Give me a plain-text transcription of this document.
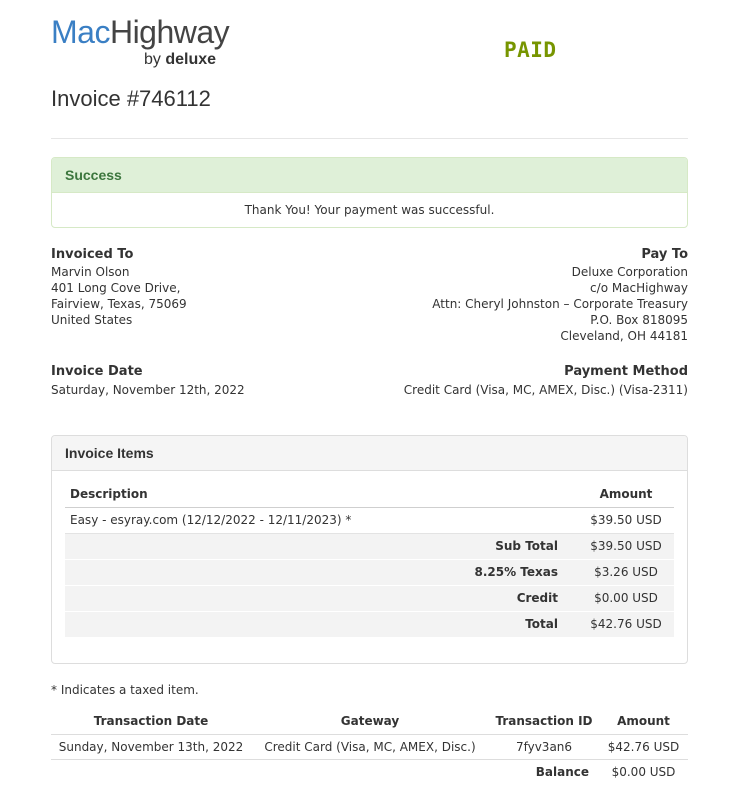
MacHighway
by deluxe	PAID
Invoice #746112
Success
Thank You! Your payment was successful.
Invoiced To
Marvin Olson
401 Long Cove Drive,
Fairview, Texas, 75069
United States
Pay To
Deluxe Corporation
c/o MacHighway
Attn: Cheryl Johnston – Corporate Treasury
P.O. Box 818095
Cleveland, OH 44181
Invoice Date
Saturday, November 12th, 2022
Payment Method
Credit Card (Visa, MC, AMEX, Disc.) (Visa-2311)
Invoice Items
Description	Amount
Easy - esyray.com (12/12/2022 - 12/11/2023) *	$39.50 USD
Sub Total	$39.50 USD
8.25% Texas	$3.26 USD
Credit	$0.00 USD
Total	$42.76 USD
* Indicates a taxed item.
Transaction Date	Gateway	Transaction ID	Amount
Sunday, November 13th, 2022	Credit Card (Visa, MC, AMEX, Disc.)	7fyv3an6	$42.76 USD
Balance			$0.00 USD
